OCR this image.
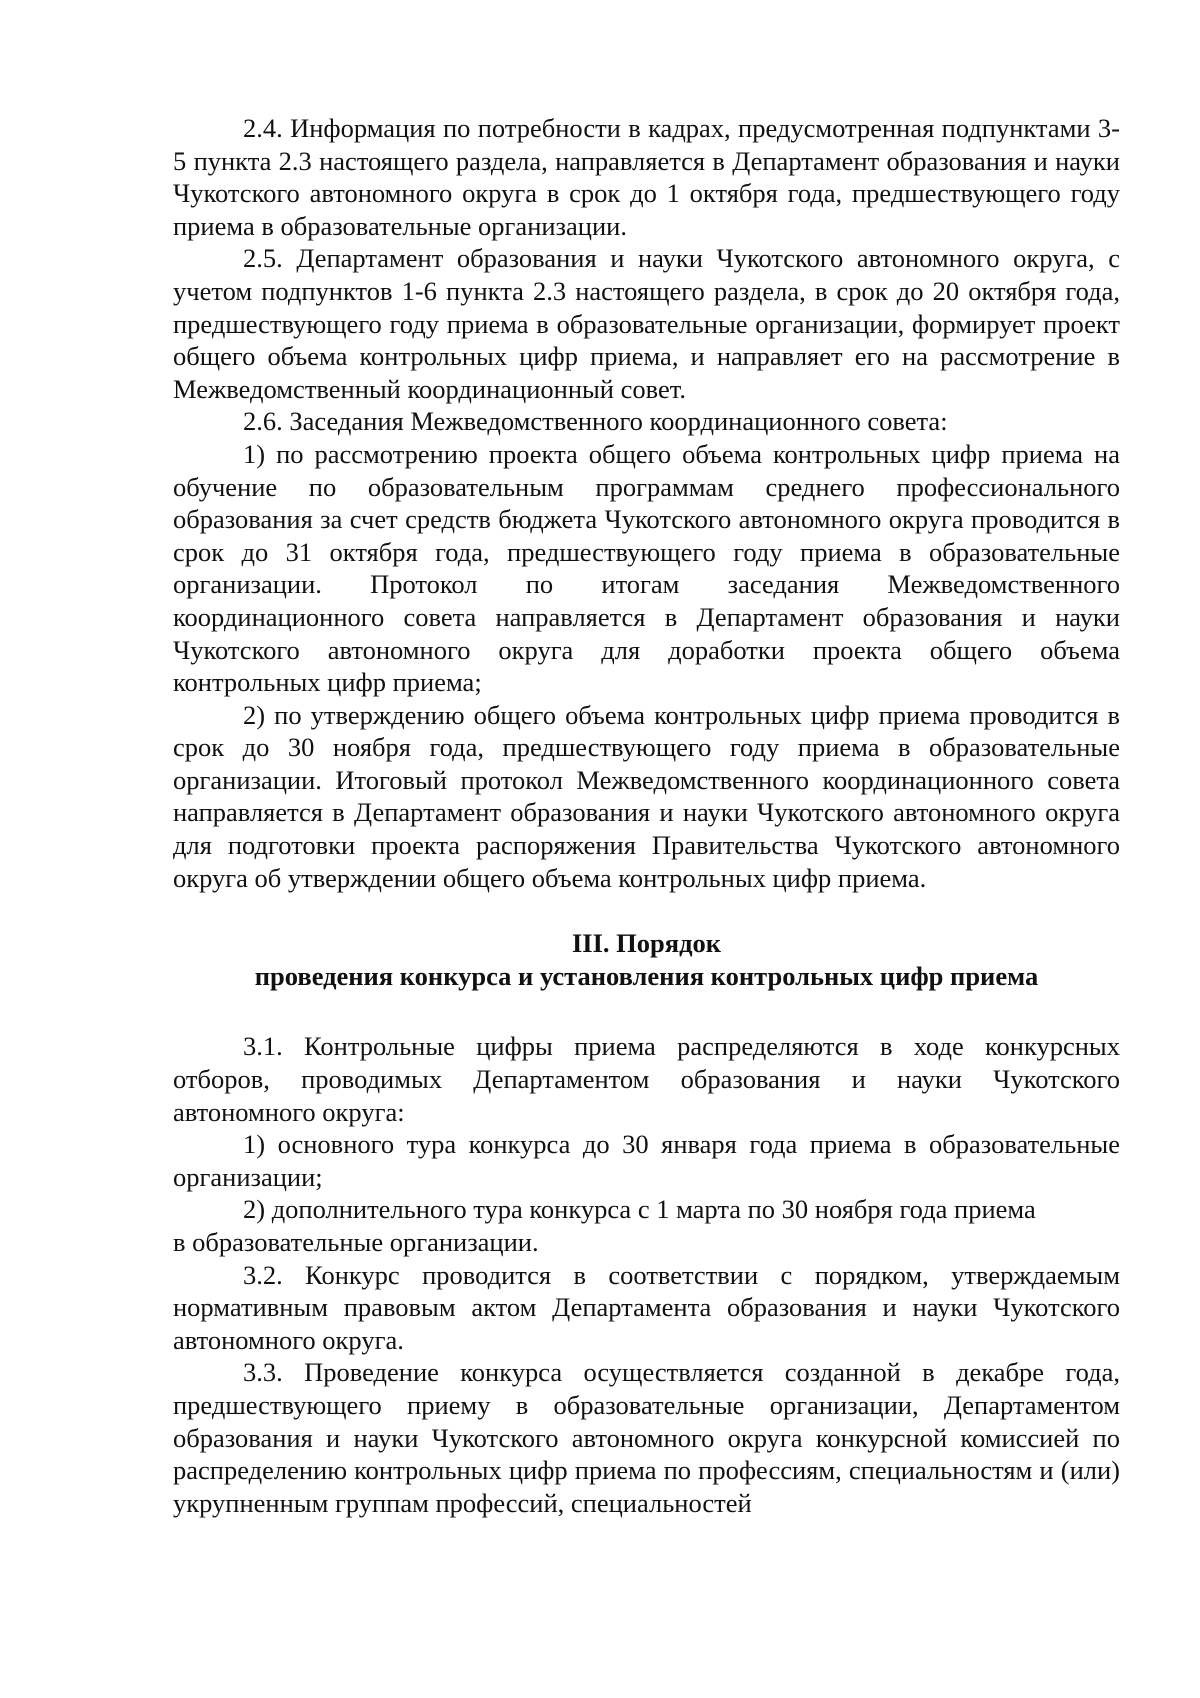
2.4. Информация по потребности в кадрах, предусмотренная подпунктами 3-5 пункта 2.3 настоящего раздела, направляется в Департамент образования и науки Чукотского автономного округа в срок до 1 октября года, предшествующего году приема в образовательные организации.

2.5. Департамент образования и науки Чукотского автономного округа, с учетом подпунктов 1-6 пункта 2.3 настоящего раздела, в срок до 20 октября года, предшествующего году приема в образовательные организации, формирует проект общего объема контрольных цифр приема, и направляет его на рассмотрение в Межведомственный координационный совет.

2.6. Заседания Межведомственного координационного совета:

1) по рассмотрению проекта общего объема контрольных цифр приема на обучение по образовательным программам среднего профессионального образования за счет средств бюджета Чукотского автономного округа проводится в срок до 31 октября года, предшествующего году приема в образовательные организации. Протокол по итогам заседания Межведомственного координационного совета направляется в Департамент образования и науки Чукотского автономного округа для доработки проекта общего объема контрольных цифр приема;

2) по утверждению общего объема контрольных цифр приема проводится в срок до 30 ноября года, предшествующего году приема в образовательные организации. Итоговый протокол Межведомственного координационного совета направляется в Департамент образования и науки Чукотского автономного округа для подготовки проекта распоряжения Правительства Чукотского автономного округа об утверждении общего объема контрольных цифр приема.

III. Порядок

проведения конкурса и установления контрольных цифр приема

3.1. Контрольные цифры приема распределяются в ходе конкурсных отборов, проводимых Департаментом образования и науки Чукотского автономного округа:

1) основного тура конкурса до 30 января года приема в образовательные организации;

2) дополнительного тура конкурса с 1 марта по 30 ноября года приема

в образовательные организации.

3.2. Конкурс проводится в соответствии с порядком, утверждаемым нормативным правовым актом Департамента образования и науки Чукотского автономного округа.

3.3. Проведение конкурса осуществляется созданной в декабре года, предшествующего приему в образовательные организации, Департаментом образования и науки Чукотского автономного округа конкурсной комиссией по распределению контрольных цифр приема по профессиям, специальностям и (или) укрупненным группам профессий, специальностей
